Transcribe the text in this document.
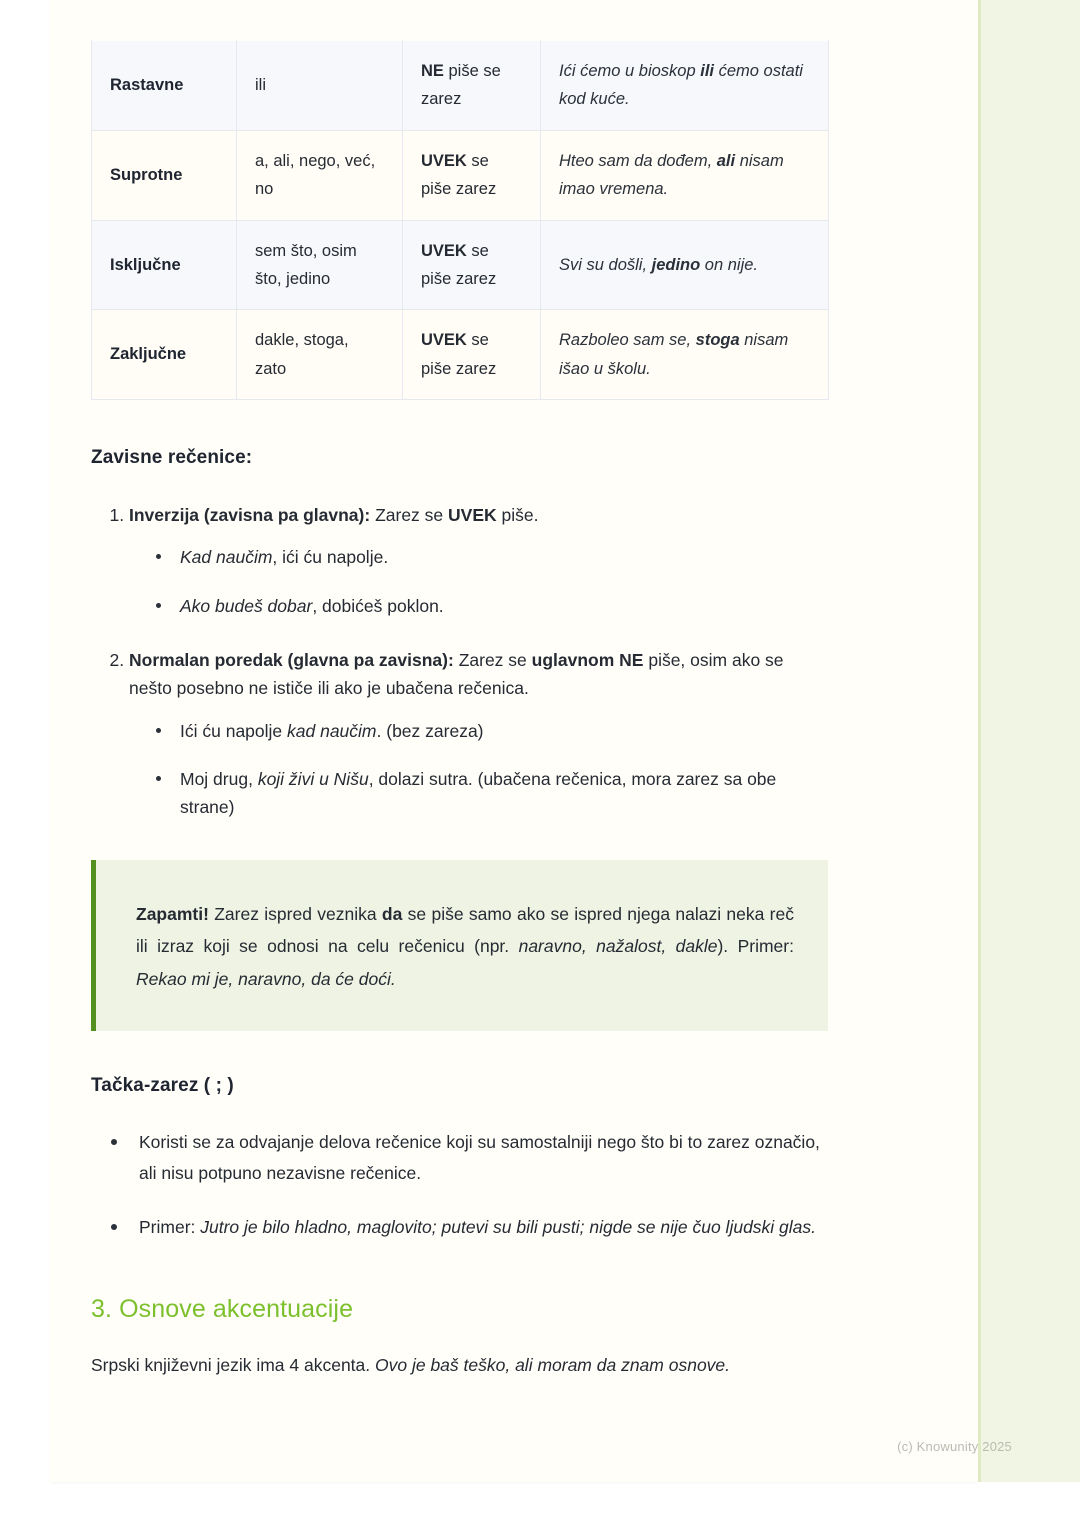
Rastavne	ili	NE piše se zarez	Ići ćemo u bioskop ili ćemo ostati kod kuće.
Suprotne	a, ali, nego, već, no	UVEK se piše zarez	Hteo sam da dođem, ali nisam imao vremena.
Isključne	sem što, osim što, jedino	UVEK se piše zarez	Svi su došli, jedino on nije.
Zaključne	dakle, stoga, zato	UVEK se piše zarez	Razboleo sam se, stoga nisam išao u školu.

Zavisne rečenice:

1. Inverzija (zavisna pa glavna): Zarez se UVEK piše.
Kad naučim, ići ću napolje.
Ako budeš dobar, dobićeš poklon.
2. Normalan poredak (glavna pa zavisna): Zarez se uglavnom NE piše, osim ako se nešto posebno ne ističe ili ako je ubačena rečenica.
Ići ću napolje kad naučim. (bez zareza)
Moj drug, koji živi u Nišu, dolazi sutra. (ubačena rečenica, mora zarez sa obe strane)
Zapamti! Zarez ispred veznika da se piše samo ako se ispred njega nalazi neka reč ili izraz koji se odnosi na celu rečenicu (npr. naravno, nažalost, dakle). Primer: Rekao mi je, naravno, da će doći.

Tačka-zarez ( ; )

Koristi se za odvajanje delova rečenice koji su samostalniji nego što bi to zarez označio, ali nisu potpuno nezavisne rečenice.
Primer: Jutro je bilo hladno, maglovito; putevi su bili pusti; nigde se nije čuo ljudski glas.
3. Osnove akcentuacije

Srpski književni jezik ima 4 akcenta. Ovo je baš teško, ali moram da znam osnove.

(c) Knowunity 2025
